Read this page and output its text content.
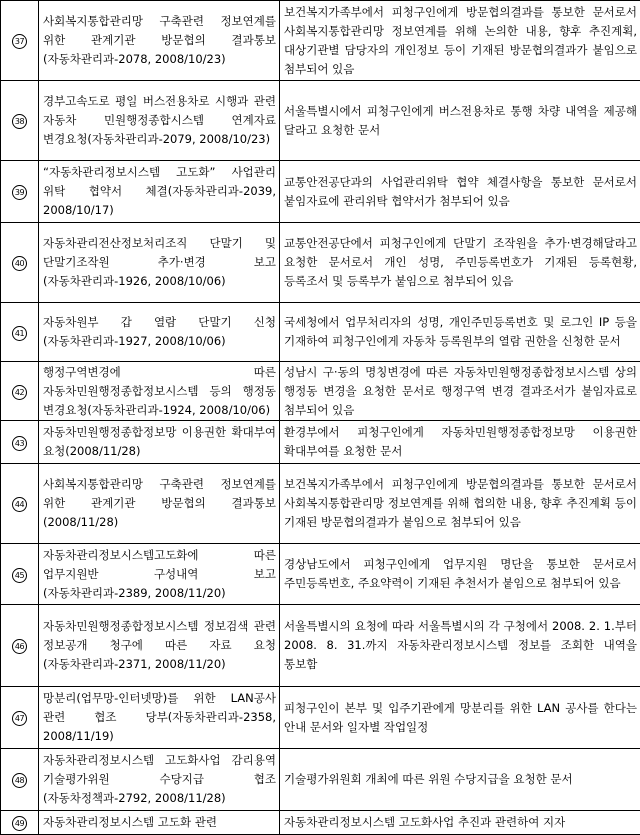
37	사회복지통합관리망 구축관련 정보연계를 위한 관계기관 방문협의 결과통보(자동차관리과-2078, 2008/10/23)	보건복지가족부에서 피청구인에게 방문협의결과를 통보한 문서로서 사회복지통합관리망 정보연계를 위해 논의한 내용, 향후 추진계획, 대상기관별 담당자의 개인정보 등이 기재된 방문협의결과가 붙임으로 첨부되어 있음
38	경부고속도로 평일 버스전용차로 시행과 관련 자동차 민원행정종합시스템 연계자료 변경요청(자동차관리과-2079, 2008/10/23)	서울특별시에서 피청구인에게 버스전용차로 통행 차량 내역을 제공해 달라고 요청한 문서
39	“자동차관리정보시스템 고도화” 사업관리 위탁 협약서 체결(자동차관리과-2039, 2008/10/17)	교통안전공단과의 사업관리위탁 협약 체결사항을 통보한 문서로서 붙임자료에 관리위탁 협약서가 첨부되어 있음
40	자동차관리전산정보처리조직 단말기 및 단말기조작원 추가·변경 보고(자동차관리과-1926, 2008/10/06)	교통안전공단에서 피청구인에게 단말기 조작원을 추가·변경해달라고 요청한 문서로서 개인 성명, 주민등록번호가 기재된 등록현황, 등록조서 및 등록부가 붙임으로 첨부되어 있음
41	자동차원부 갑 열람 단말기 신청(자동차관리과-1927, 2008/10/06)	국세청에서 업무처리자의 성명, 개인주민등록번호 및 로그인 IP 등을 기재하여 피청구인에게 자동차 등록원부의 열람 권한을 신청한 문서
42	행정구역변경에 따른 자동차민원행정종합정보시스템 등의 행정동 변경요청(자동차관리과-1924, 2008/10/06)	성남시 구·동의 명칭변경에 따른 자동차민원행정종합정보시스템 상의 행정동 변경을 요청한 문서로 행정구역 변경 결과조서가 붙임자료로 첨부되어 있음
43	자동차민원행정종합정보망 이용권한 확대부여 요청(2008/11/28)	환경부에서 피청구인에게 자동차민원행정종합정보망 이용권한 확대부여를 요청한 문서
44	사회복지통합관리망 구축관련 정보연계를 위한 관계기관 방문협의 결과통보(2008/11/28)	보건복지가족부에서 피청구인에게 방문협의결과를 통보한 문서로서 사회복지통합관리망 정보연계를 위해 협의한 내용, 향후 추진계획 등이 기재된 방문협의결과가 붙임으로 첨부되어 있음
45	자동차관리정보시스템고도화에 따른 업무지원반 구성내역 보고(자동차관리과-2389, 2008/11/20)	경상남도에서 피청구인에게 업무지원 명단을 통보한 문서로서 주민등록번호, 주요약력이 기재된 추천서가 붙임으로 첨부되어 있음
46	자동차민원행정종합정보시스템 정보검색 관련 정보공개 청구에 따른 자료 요청(자동차관리과-2371, 2008/11/20)	서울특별시의 요청에 따라 서울특별시의 각 구청에서 2008. 2. 1.부터 2008. 8. 31.까지 자동차관리정보시스템 정보를 조회한 내역을 통보함
47	망분리(업무망-인터넷망)를 위한 LAN공사 관련 협조 당부(자동차관리과-2358, 2008/11/19)	피청구인이 본부 및 입주기관에게 망분리를 위한 LAN 공사를 한다는 안내 문서와 일자별 작업일정
48	자동차관리정보시스템 고도화사업 감리용역 기술평가위원 수당지급 협조(자동차정책과-2792, 2008/11/28)	기술평가위원회 개최에 따른 위원 수당지급을 요청한 문서
49	자동차관리정보시스템 고도화 관련	자동차관리정보시스템 고도화사업 추진과 관련하여 지자
